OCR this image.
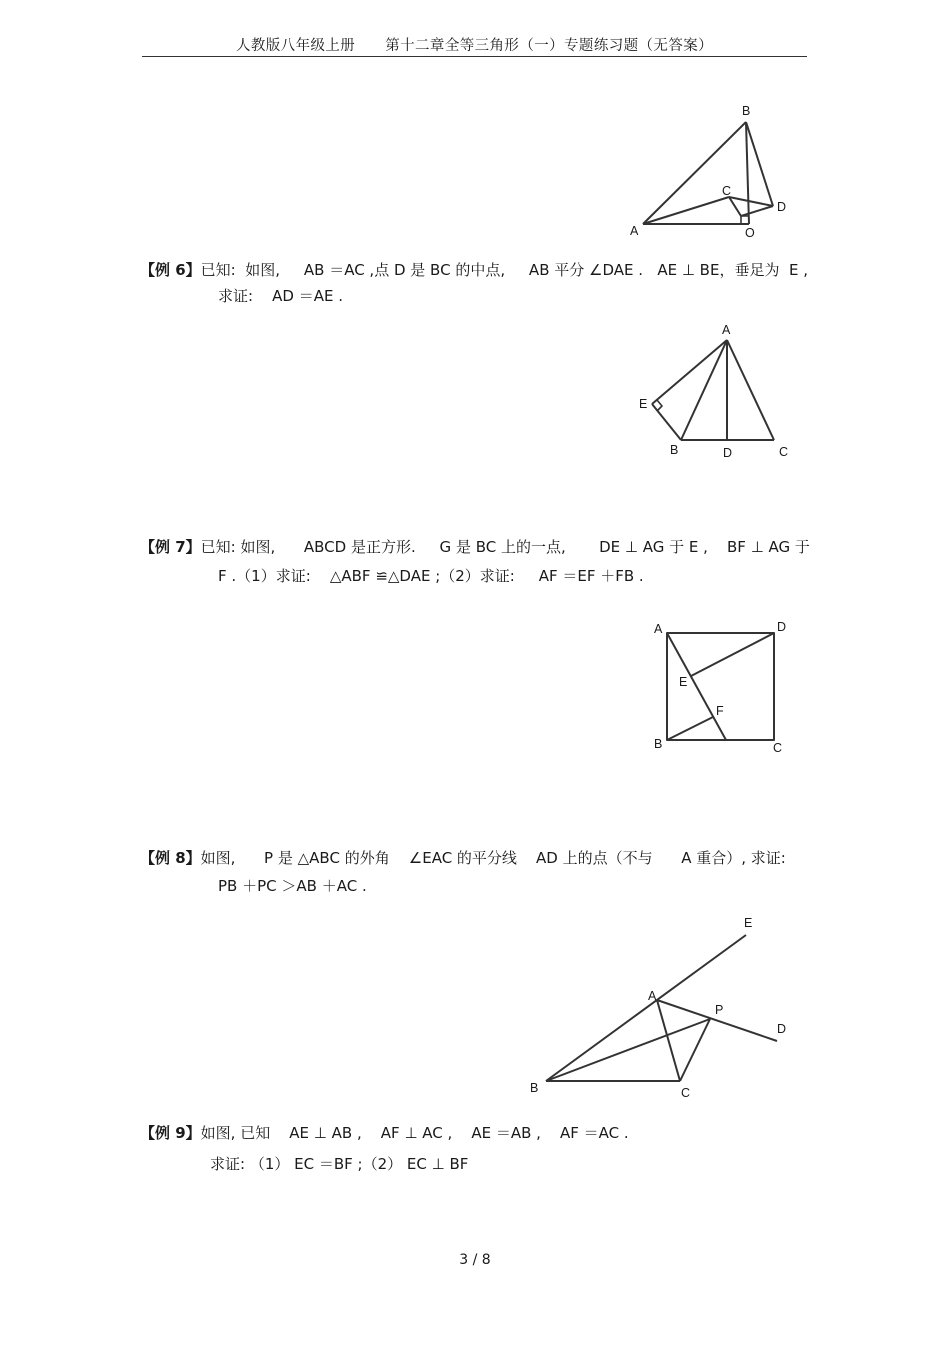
人教版八年级上册      第十二章全等三角形（一）专题练习题（无答案）
B
C
D
A	O
【例 6】已知:  如图,     AB ＝AC ,点 D 是 BC 的中点,     AB 平分 ∠DAE .   AE ⊥ BE，垂足为  E ,
求证:    AD ＝AE .
A
E
B	D	C
【例 7】已知: 如图,      ABCD 是正方形.     G 是 BC 上的一点,       DE ⊥ AG 于 E ,    BF ⊥ AG 于
F .（1）求证:    △ABF ≌△DAE ;（2）求证:     AF ＝EF ＋FB .
A	D
E
F
B	C
【例 8】如图,      P 是 △ABC 的外角    ∠EAC 的平分线    AD 上的点（不与      A 重合）, 求证:
PB ＋PC ＞AB ＋AC .
E
A
P
D
B	C
【例 9】如图, 已知    AE ⊥ AB ,    AF ⊥ AC ,    AE ＝AB ,    AF ＝AC .
求证: （1） EC ＝BF ;（2） EC ⊥ BF
3 / 8
